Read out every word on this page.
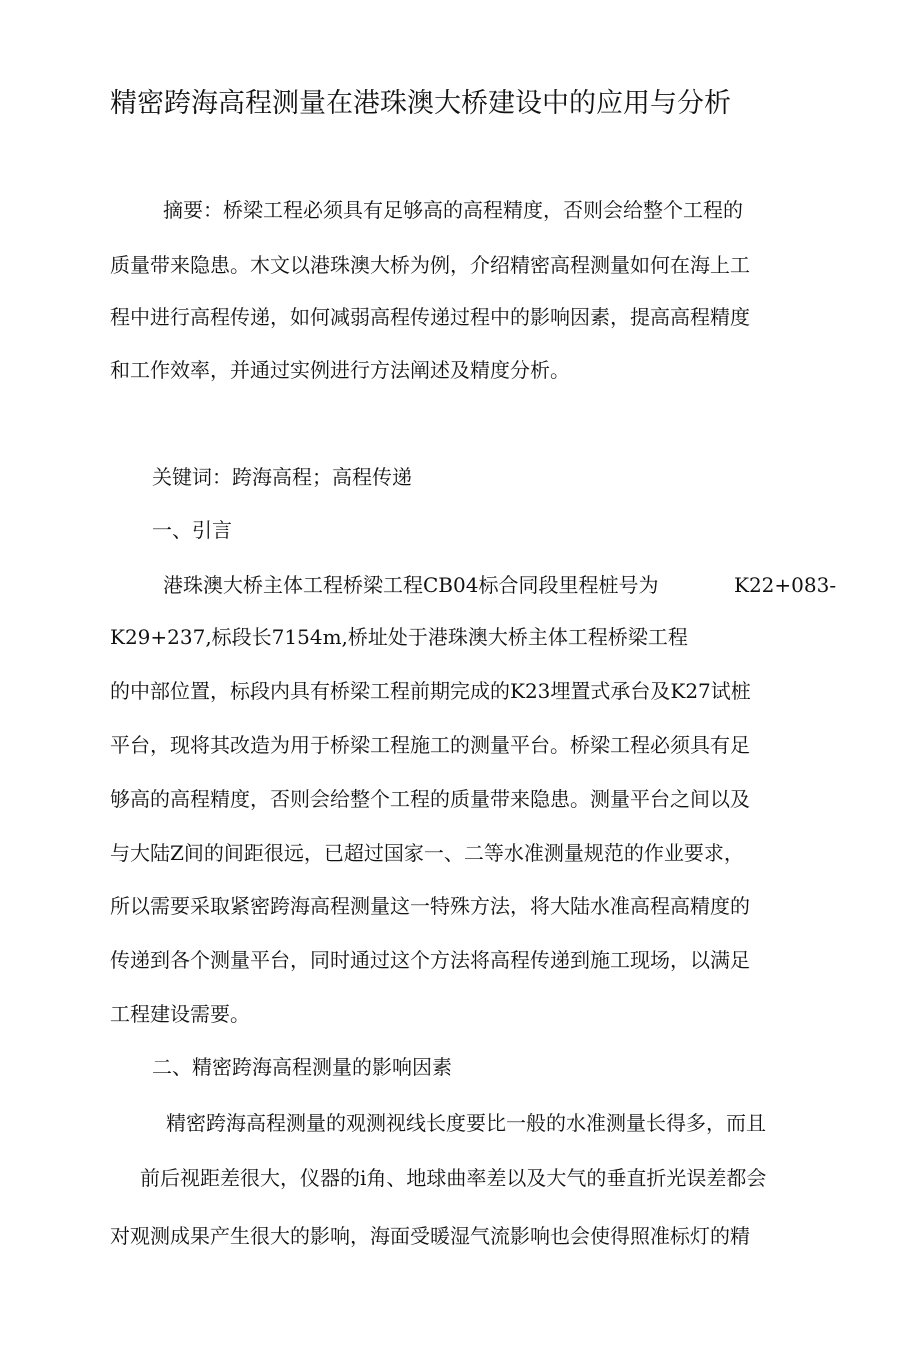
精密跨海高程测量在港珠澳大桥建设中的应用与分析

摘要：桥梁工程必须具有足够高的高程精度，否则会给整个工程的

质量带来隐患。木文以港珠澳大桥为例，介绍精密高程测量如何在海上工

程中进行高程传递，如何减弱高程传递过程中的影响因素，提高高程精度

和工作效率，并通过实例进行方法阐述及精度分析。

关键词：跨海高程；高程传递

一、引言

港珠澳大桥主体工程桥梁工程CB04标合同段里程桩号为	K22+083-

K29+237,标段长7154m,桥址处于港珠澳大桥主体工程桥梁工程

的中部位置，标段内具有桥梁工程前期完成的K23埋置式承台及K27试桩

平台，现将其改造为用于桥梁工程施工的测量平台。桥梁工程必须具有足

够高的高程精度，否则会给整个工程的质量带来隐患。测量平台之间以及

与大陆Z间的间距很远，已超过国家一、二等水准测量规范的作业要求，

所以需要采取紧密跨海高程测量这一特殊方法，将大陆水准高程高精度的

传递到各个测量平台，同时通过这个方法将高程传递到施工现场，以满足

工程建设需要。

二、精密跨海高程测量的影响因素

精密跨海高程测量的观测视线长度要比一般的水准测量长得多，而且

前后视距差很大，仪器的i角、地球曲率差以及大气的垂直折光误差都会

对观测成果产生很大的影响，海面受暖湿气流影响也会使得照准标灯的精
